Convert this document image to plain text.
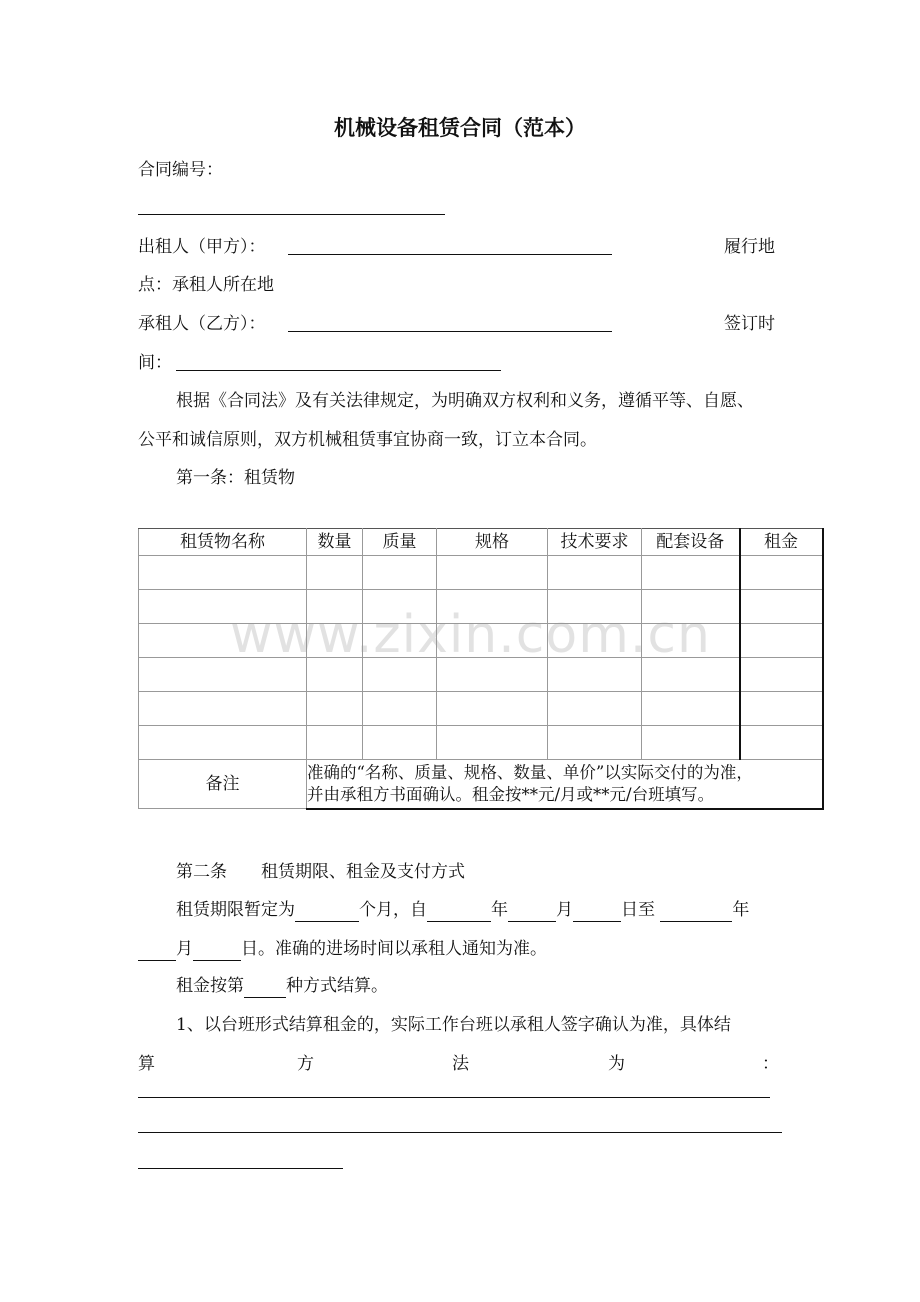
机械设备租赁合同（范本）
合同编号：
出租人（甲方）：	履行地
点：承租人所在地
承租人（乙方）：	签订时
间：
根据《合同法》及有关法律规定，为明确双方权利和义务，遵循平等、自愿、
公平和诚信原则，双方机械租赁事宜协商一致，订立本合同。
第一条：租赁物
租赁物名称	数量	质量	规格	技术要求	配套设备	租金

备注	准确的“名称、质量、规格、数量、单价”以实际交付的为准，
并由承租方书面确认。租金按**元/月或**元/台班填写。					
www.zixin.com.cn
第二条　　租赁期限、租金及支付方式
租赁期限暂定为	个月，自	年	月	日至	年
月	日。准确的进场时间以承租人通知为准。
租金按第 种方式结算。
1、以台班形式结算租金的，实际工作台班以承租人签字确认为准，具体结
算	方	法	为	：
